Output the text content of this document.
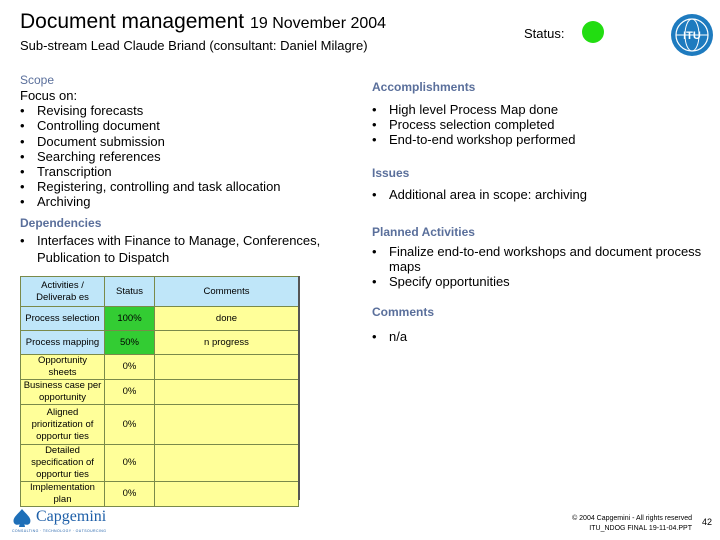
Document management 19 November 2004
Sub-stream Lead Claude Briand (consultant: Daniel Milagre)
Status:	ITU
Scope
Focus on:
• Revising forecasts
• Controlling document
• Document submission
• Searching references
• Transcription
• Registering, controlling and task allocation
• Archiving
Dependencies
• Interfaces with Finance to Manage, Conferences, Publication to Dispatch
Activities / Deliverab es	Status	Comments
Process selection	100%	done
Process mapping	50%	n progress
Opportunity sheets	0%	
Business case per opportunity	0%	
Aligned prioritization of opportur ties	0%	
Detailed specification of opportur ties	0%	
Implementation plan	0%	
Accomplishments
• High level Process Map done
• Process selection completed
• End-to-end workshop performed
Issues
• Additional area in scope: archiving
Planned Activities
• Finalize end-to-end workshops and document process maps
• Specify opportunities
Comments
• n/a
Capgemini
CONSULTING · TECHNOLOGY · OUTSOURCING
© 2004 Capgemini - All rights reserved
ITU_NDOG FINAL 19-11-04.PPT
42
